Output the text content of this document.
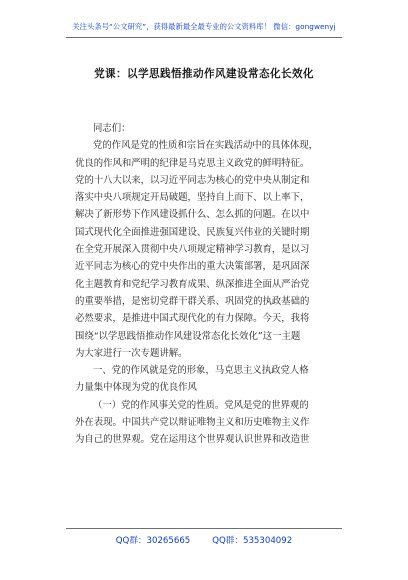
关注头条号“公文研究”，获得最新最全最专业的公文资料库！ 微信：gongwenyj
党课：以学思践悟推动作风建设常态化长效化
同志们：
党的作风是党的性质和宗旨在实践活动中的具体体现，
优良的作风和严明的纪律是马克思主义政党的鲜明特征。
党的十八大以来，以习近平同志为核心的党中央从制定和
落实中央八项规定开局破题，坚持自上而下、以上率下，
解决了新形势下作风建设抓什么、怎么抓的问题。在以中
国式现代化全面推进强国建设、民族复兴伟业的关键时期
在全党开展深入贯彻中央八项规定精神学习教育，是以习
近平同志为核心的党中央作出的重大决策部署，是巩固深
化主题教育和党纪学习教育成果、纵深推进全面从严治党
的重要举措，是密切党群干群关系、巩固党的执政基础的
必然要求，是推进中国式现代化的有力保障。今天，我将
围绕“以学思践悟推动作风建设常态化长效化”这一主题
为大家进行一次专题讲解。
一、党的作风就是党的形象，马克思主义执政党人格
力量集中体现为党的优良作风
（一）党的作风事关党的性质。党风是党的世界观的
外在表现。中国共产党以辩证唯物主义和历史唯物主义作
为自己的世界观。党在运用这个世界观认识世界和改造世
QQ群：30265665	QQ群：535304092
